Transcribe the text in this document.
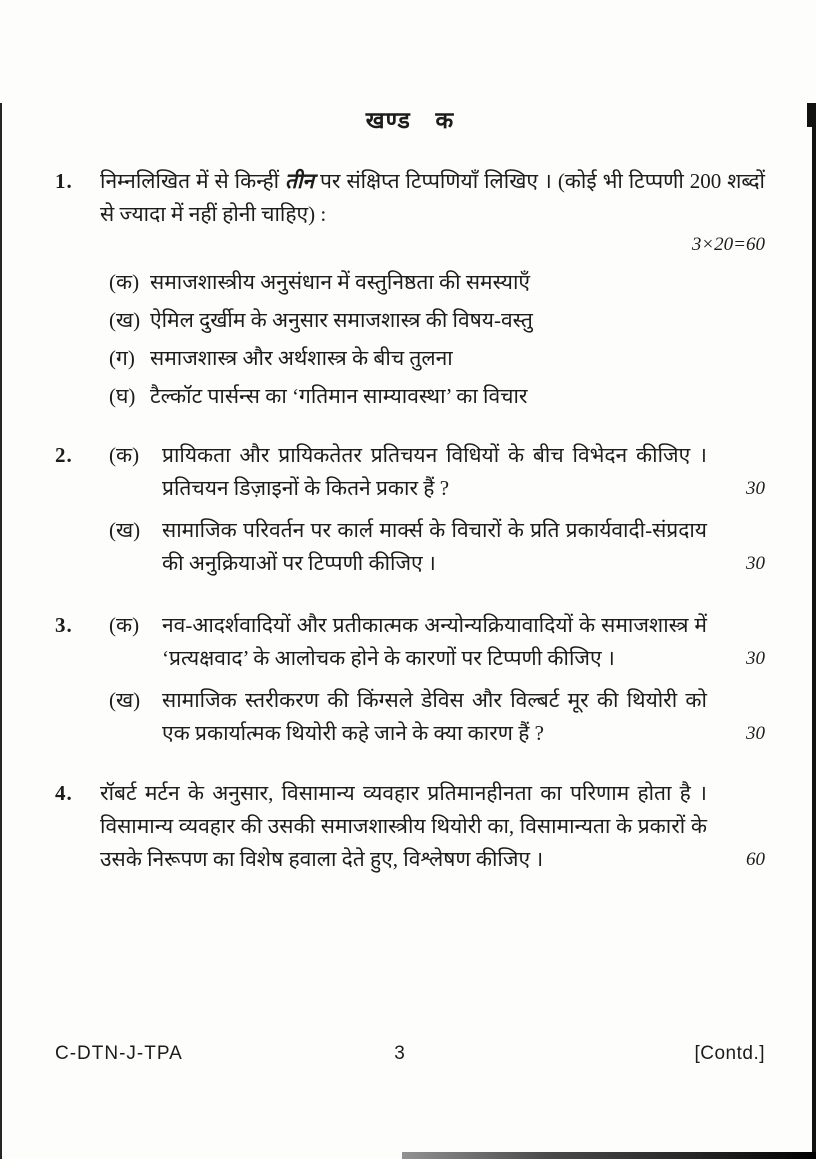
खण्ड क
1.	निम्नलिखित में से किन्हीं तीन पर संक्षिप्त टिप्पणियाँ लिखिए । (कोई भी टिप्पणी 200 शब्दों से ज्यादा में नहीं होनी चाहिए) :

3×20=60
(क) समाजशास्त्रीय अनुसंधान में वस्तुनिष्ठता की समस्याएँ
(ख) ऐमिल दुर्खीम के अनुसार समाजशास्त्र की विषय-वस्तु
(ग) समाजशास्त्र और अर्थशास्त्र के बीच तुलना
(घ) टैल्कॉट पार्सन्स का ‘गतिमान साम्यावस्था’ का विचार
2.	(क)	प्रायिकता और प्रायिकतेतर प्रतिचयन विधियों के बीच विभेदन कीजिए । प्रतिचयन डिज़ाइनों के कितने प्रकार हैं ?	30
(ख)	सामाजिक परिवर्तन पर कार्ल मार्क्स के विचारों के प्रति प्रकार्यवादी-संप्रदाय की अनुक्रियाओं पर टिप्पणी कीजिए ।	30
3.	(क)	नव-आदर्शवादियों और प्रतीकात्मक अन्योन्यक्रियावादियों के समाजशास्त्र में ‘प्रत्यक्षवाद’ के आलोचक होने के कारणों पर टिप्पणी कीजिए ।	30
(ख)	सामाजिक स्तरीकरण की किंग्सले डेविस और विल्बर्ट मूर की थियोरी को एक प्रकार्यात्मक थियोरी कहे जाने के क्या कारण हैं ?	30
4.	रॉबर्ट मर्टन के अनुसार, विसामान्य व्यवहार प्रतिमानहीनता का परिणाम होता है । विसामान्य व्यवहार की उसकी समाजशास्त्रीय थियोरी का, विसामान्यता के प्रकारों के उसके निरूपण का विशेष हवाला देते हुए, विश्लेषण कीजिए ।	60
C-DTN-J-TPA	3	[Contd.]
